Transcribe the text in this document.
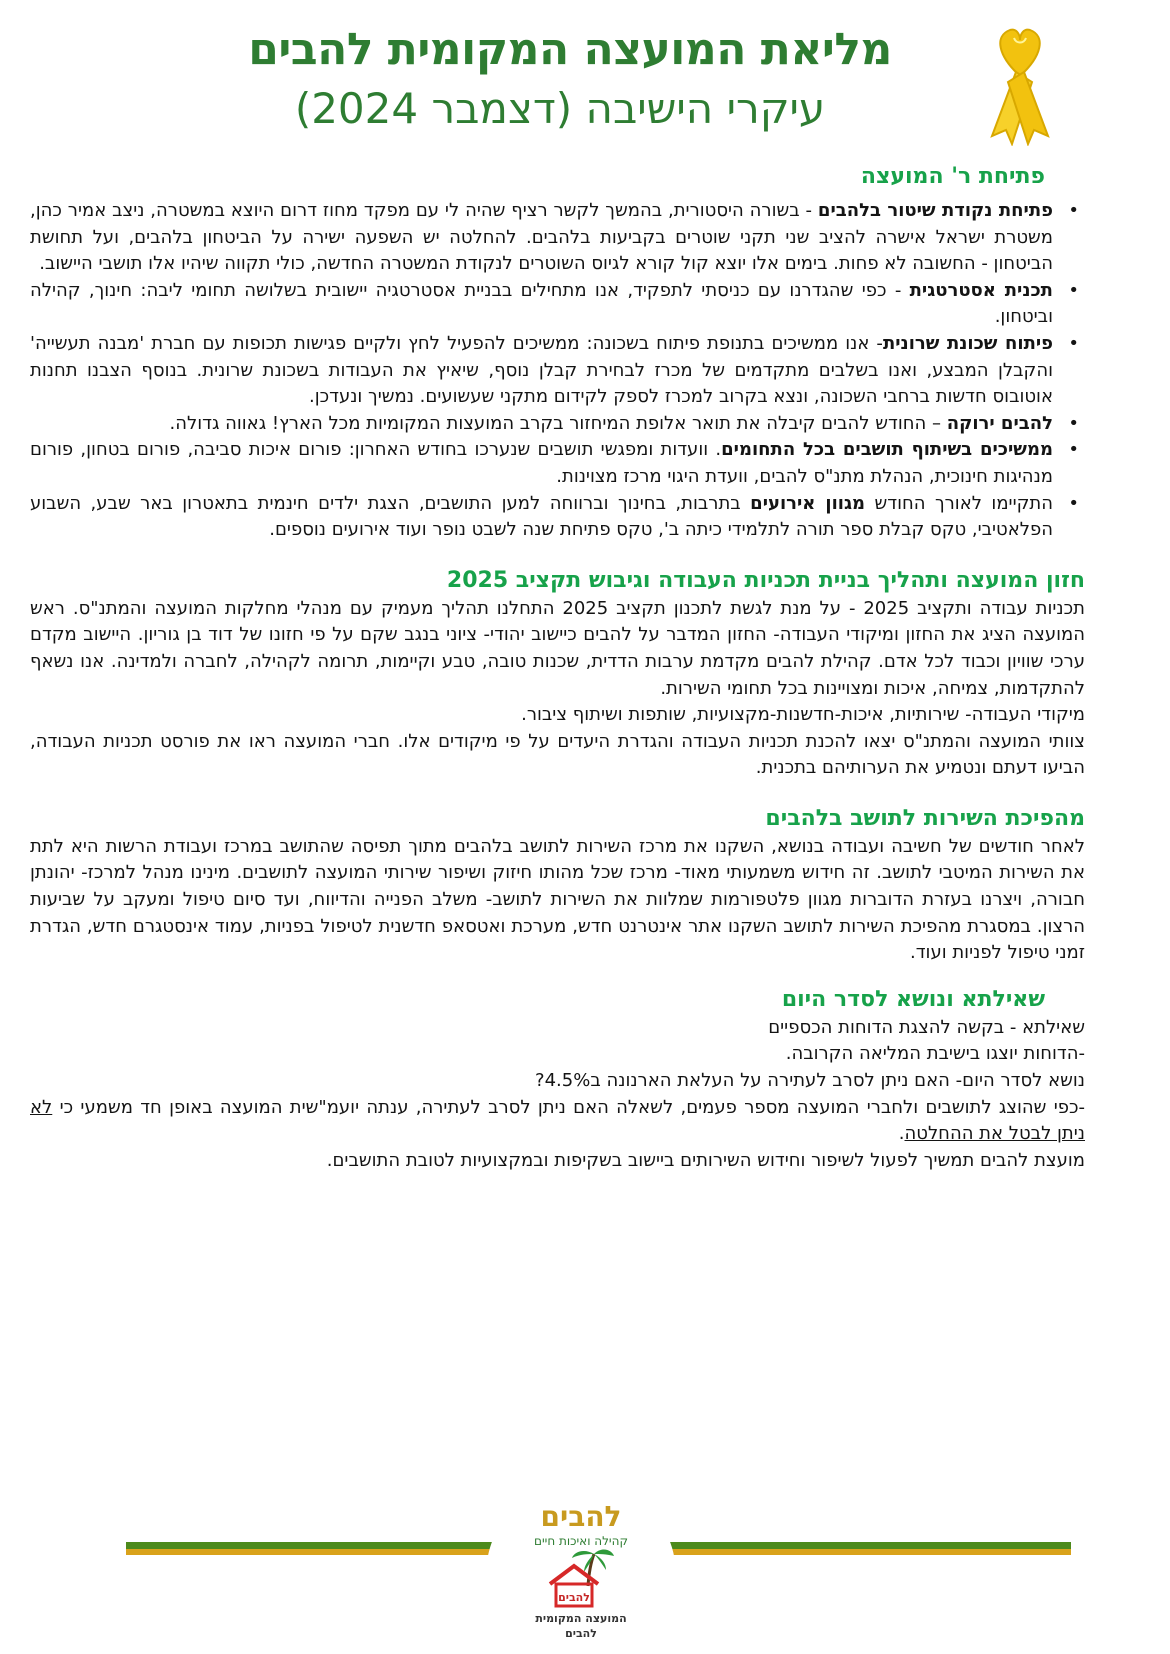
מליאת המועצה המקומית להבים
עיקרי הישיבה (דצמבר 2024)
פתיחת ר' המועצה
• פתיחת נקודת שיטור בלהבים - בשורה היסטורית, בהמשך לקשר רציף שהיה לי עם מפקד מחוז דרום היוצא במשטרה, ניצב אמיר כהן, משטרת ישראל אישרה להציב שני תקני שוטרים בקביעות בלהבים. להחלטה יש השפעה ישירה על הביטחון בלהבים, ועל תחושת הביטחון - החשובה לא פחות. בימים אלו יוצא קול קורא לגיוס השוטרים לנקודת המשטרה החדשה, כולי תקווה שיהיו אלו תושבי היישוב.
• תכנית אסטרטגית - כפי שהגדרנו עם כניסתי לתפקיד, אנו מתחילים בבניית אסטרטגיה יישובית בשלושה תחומי ליבה: חינוך, קהילה וביטחון.
• פיתוח שכונת שרונית- אנו ממשיכים בתנופת פיתוח בשכונה: ממשיכים להפעיל לחץ ולקיים פגישות תכופות עם חברת 'מבנה תעשייה' והקבלן המבצע, ואנו בשלבים מתקדמים של מכרז לבחירת קבלן נוסף, שיאיץ את העבודות בשכונת שרונית. בנוסף הצבנו תחנות אוטובוס חדשות ברחבי השכונה, ונצא בקרוב למכרז לספק לקידום מתקני שעשועים. נמשיך ונעדכן.
• להבים ירוקה – החודש להבים קיבלה את תואר אלופת המיחזור בקרב המועצות המקומיות מכל הארץ! גאווה גדולה.
• ממשיכים בשיתוף תושבים בכל התחומים. וועדות ומפגשי תושבים שנערכו בחודש האחרון: פורום איכות סביבה, פורום בטחון, פורום מנהיגות חינוכית, הנהלת מתנ"ס להבים, וועדת היגוי מרכז מצוינות.
• התקיימו לאורך החודש מגוון אירועים בתרבות, בחינוך וברווחה למען התושבים, הצגת ילדים חינמית בתאטרון באר שבע, השבוע הפלאטיבי, טקס קבלת ספר תורה לתלמידי כיתה ב', טקס פתיחת שנה לשבט נופר ועוד אירועים נוספים.
חזון המועצה ותהליך בניית תכניות העבודה וגיבוש תקציב 2025

תכניות עבודה ותקציב 2025 - על מנת לגשת לתכנון תקציב 2025 התחלנו תהליך מעמיק עם מנהלי מחלקות המועצה והמתנ"ס. ראש המועצה הציג את החזון ומיקודי העבודה- החזון המדבר על להבים כיישוב יהודי- ציוני בנגב שקם על פי חזונו של דוד בן גוריון. היישוב מקדם ערכי שוויון וכבוד לכל אדם. קהילת להבים מקדמת ערבות הדדית, שכנות טובה, טבע וקיימות, תרומה לקהילה, לחברה ולמדינה. אנו נשאף להתקדמות, צמיחה, איכות ומצויינות בכל תחומי השירות.

מיקודי העבודה- שירותיות, איכות-חדשנות-מקצועיות, שותפות ושיתוף ציבור.

צוותי המועצה והמתנ"ס יצאו להכנת תכניות העבודה והגדרת היעדים על פי מיקודים אלו. חברי המועצה ראו את פורסט תכניות העבודה, הביעו דעתם ונטמיע את הערותיהם בתכנית.

מהפיכת השירות לתושב בלהבים

לאחר חודשים של חשיבה ועבודה בנושא, השקנו את מרכז השירות לתושב בלהבים מתוך תפיסה שהתושב במרכז ועבודת הרשות היא לתת את השירות המיטבי לתושב. זה חידוש משמעותי מאוד- מרכז שכל מהותו חיזוק ושיפור שירותי המועצה לתושבים. מינינו מנהל למרכז- יהונתן חבורה, ויצרנו בעזרת הדוברות מגוון פלטפורמות שמלוות את השירות לתושב- משלב הפנייה והדיווח, ועד סיום טיפול ומעקב על שביעות הרצון. במסגרת מהפיכת השירות לתושב השקנו אתר אינטרנט חדש, מערכת ואטסאפ חדשנית לטיפול בפניות, עמוד אינסטגרם חדש, הגדרת זמני טיפול לפניות ועוד.

שאילתא ונושא לסדר היום

שאילתא - בקשה להצגת הדוחות הכספיים

-הדוחות יוצגו בישיבת המליאה הקרובה.

נושא לסדר היום- האם ניתן לסרב לעתירה על העלאת הארנונה ב4.5%?

-כפי שהוצג לתושבים ולחברי המועצה מספר פעמים, לשאלה האם ניתן לסרב לעתירה, ענתה יועמ"שית המועצה באופן חד משמעי כי לא ניתן לבטל את ההחלטה.

מועצת להבים תמשיך לפעול לשיפור וחידוש השירותים ביישוב בשקיפות ובמקצועיות לטובת התושבים.

להבים
קהילה ואיכות חיים
להבים
המועצה המקומית
להבים
